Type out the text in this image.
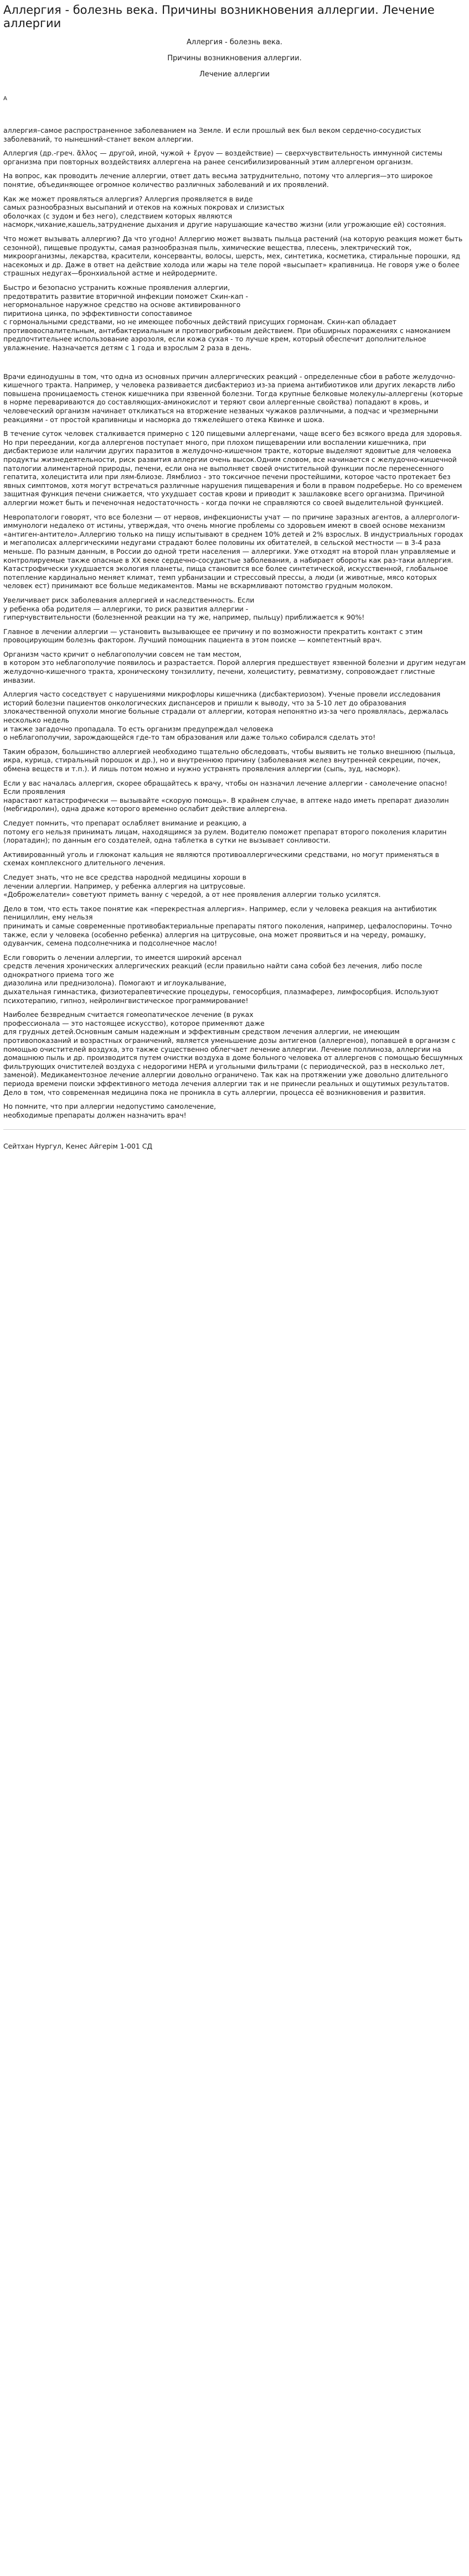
Аллергия - болезнь века. Причины возникновения аллергии. Лечение аллергии

Аллергия - болезнь века.

Причины возникновения аллергии.

Лечение аллергии

А

аллергия–самое распространенное заболеванием на Земле. И если прошлый век был веком сердечно-сосудистых заболеваний, то нынешний–станет веком аллергии.

Аллергия (др.-греч. ἄλλος — другой, иной, чужой + ἔργον — воздействие) — сверхчувствительность иммунной системы организма при повторных воздействиях аллергена на ранее сенсибилизированный этим аллергеном организм.

На вопрос, как проводить лечение аллергии, ответ дать весьма затруднительно, потому что аллергия—это широкое понятие, объединяющее огромное количество различных заболеваний и их проявлений.

Как же может проявляться аллергия? Аллергия проявляется в виде
самых разнообразных высыпаний и отеков на кожных покровах и слизистых
оболочках (с зудом и без него), следствием которых являются
насморк,чихание,кашель,затруднение дыхания и другие нарушающие качество жизни (или угрожающие ей) состояния.

Что может вызывать аллергию? Да что угодно! Аллергию может вызвать пыльца растений (на которую реакция может быть сезонной), пищевые продукты, самая разнообразная пыль, химические вещества, плесень, электрический ток, микроорганизмы, лекарства, красители, консерванты, волосы, шерсть, мех, синтетика, косметика, стиральные порошки, яд насекомых и др. Даже в ответ на действие холода или жары на теле порой «высыпает» крапивница. Не говоря уже о более страшных недугах—бронхиальной астме и нейродермите.

Быстро и безопасно устранить кожные проявления аллергии,
предотвратить развитие вторичной инфекции поможет Скин-кап -
негормональное наружное средство на основе активированного
пиритиона цинка, по эффективности сопоставимое
с гормональными средствами, но не имеющее побочных действий присущих гормонам. Скин-кап обладает противовоспалительным, антибактериальным и противогрибковым действием. При обширных поражениях с намоканием предпочтительнее использование аэрозоля, если кожа сухая - то лучше крем, который обеспечит дополнительное увлажнение. Назначается детям с 1 года и взрослым 2 раза в день.

Врачи единодушны в том, что одна из основных причин аллергических реакций - определенные сбои в работе желудочно-кишечного тракта. Например, у человека развивается дисбактериоз из-за приема антибиотиков или других лекарств либо повышена проницаемость стенок кишечника при язвенной болезни. Тогда крупные белковые молекулы-аллергены (которые в норме перевариваются до составляющих-аминокислот и теряют свои аллергенные свойства) попадают в кровь, и человеческий организм начинает откликаться на вторжение незваных чужаков различными, а подчас и чрезмерными реакциями - от простой крапивницы и насморка до тяжелейшего отека Квинке и шока.

В течение суток человек сталкивается примерно с 120 пищевыми аллергенами, чаще всего без всякого вреда для здоровья. Но при переедании, когда аллергенов поступает много, при плохом пищеварении или воспалении кишечника, при дисбактериозе или наличии других паразитов в желудочно-кишечном тракте, которые выделяют ядовитые для человека продукты жизнедеятельности, риск развития аллергии очень высок.Одним словом, все начинается с желудочно-кишечной патологии алиментарной природы, печени, если она не выполняет своей очистительной функции после перенесенного гепатита, холецистита или при лям-блиозе. Лямблиоз - это токсичное печени простейшими, которое часто протекает без явных симптомов, хотя могут встречаться различные нарушения пищеварения и боли в правом подреберье. Но со временем защитная функция печени снижается, что ухудшает состав крови и приводит к зашлаковке всего организма. Причиной аллергии может быть и печеночная недостаточность - когда почки не справляются со своей выделительной функцией.

Невропатологи говорят, что все болезни — от нервов, инфекционисты учат — по причине заразных агентов, а аллергологи-иммунологи недалеко от истины, утверждая, что очень многие проблемы со здоровьем имеют в своей основе механизм «антиген-антитело».Аллергию только на пищу испытывают в среднем 10% детей и 2% взрослых. В индустриальных городах и мегаполисах аллергическими недугами страдают более половины их обитателей, в сельской местности — в 3-4 раза меньше. По разным данным, в России до одной трети населения — аллергики. Уже отходят на второй план управляемые и контролируемые также опасные в ХХ веке сердечно-сосудистые заболевания, а набирает обороты как раз-таки аллергия. Катастрофически ухудшается экология планеты, пища становится все более синтетической, искусственной, глобальное потепление кардинально меняет климат, темп урбанизации и стрессовый прессы, а люди (и животные, мясо которых человек ест) принимают все больше медикаментов. Мамы не вскармливают потомство грудным молоком.

Увеличивает риск заболевания аллергией и наследственность. Если
у ребенка оба родителя — аллергики, то риск развития аллергии -
гиперчувствительности (болезненной реакции на ту же, например, пыльцу) приближается к 90%!

Главное в лечении аллергии — установить вызывающее ее причину и по возможности прекратить контакт с этим провоцирующим болезнь фактором. Лучший помощник пациента в этом поиске — компетентный врач.

Организм часто кричит о неблагополучии совсем не там местом,
в котором это неблагополучие появилось и разрастается. Порой аллергия предшествует язвенной болезни и другим недугам желудочно-кишечного тракта, хроническому тонзиллиту, печени, холециститу, ревматизму, сопровождает глистные инвазии.

Аллергия часто соседствует с нарушениями микрофлоры кишечника (дисбактериозом). Ученые провели исследования историй болезни пациентов онкологических диспансеров и пришли к выводу, что за 5-10 лет до образования злокачественной опухоли многие больные страдали от аллергии, которая непонятно из-за чего проявлялась, держалась несколько недель
и также загадочно пропадала. То есть организм предупреждал человека
о неблагополучии, зарождающейся где-то там образования или даже только собирался сделать это!

Таким образом, большинство аллергией необходимо тщательно обследовать, чтобы выявить не только внешнюю (пыльца, икра, курица, стиральный порошок и др.), но и внутреннюю причину (заболевания желез внутренней секреции, почек, обмена веществ и т.п.). И лишь потом можно и нужно устранять проявления аллергии (сыпь, зуд, насморк).

Если у вас началась аллергия, скорее обращайтесь к врачу, чтобы он назначил лечение аллергии - самолечение опасно! Если проявления
нарастают катастрофически — вызывайте «скорую помощь». В крайнем случае, в аптеке надо иметь препарат диазолин (мебгидролин), одна драже которого временно ослабит действие аллергена.

Следует помнить, что препарат ослабляет внимание и реакцию, а
потому его нельзя принимать лицам, находящимся за рулем. Водителю поможет препарат второго поколения кларитин (лоратадин); по данным его создателей, одна таблетка в сутки не вызывает сонливости.

Активированный уголь и глюконат кальция не являются противоаллергическими средствами, но могут применяться в схемах комплексного длительного лечения.

Следует знать, что не все средства народной медицины хороши в
лечении аллергии. Например, у ребенка аллергия на цитрусовые.
«Доброжелатели» советуют приметь ванну с чередой, а от нее проявления аллергии только усилятся.

Дело в том, что есть такое понятие как «перекрестная аллергия». Например, если у человека реакция на антибиотик пенициллин, ему нельзя
принимать и самые современные противобактериальные препараты пятого поколения, например, цефалоспорины. Точно также, если у человека (особенно ребенка) аллергия на цитрусовые, она может проявиться и на череду, ромашку, одуванчик, семена подсолнечника и подсолнечное масло!

Если говорить о лечении аллергии, то имеется широкий арсенал
средств лечения хронических аллергических реакций (если правильно найти сама собой без лечения, либо после однократного приема того же
диазолина или преднизолона). Помогают и иглоукалывание,
дыхательная гимнастика, физиотерапевтические процедуры, гемосорбция, плазмаферез, лимфосорбция. Используют психотерапию, гипноз, нейролингвистическое программирование!

Наиболее безвредным считается гомеопатическое лечение (в руках
профессионала — это настоящее искусство), которое применяют даже
для грудных детей.Основным самым надежным и эффективным средством лечения аллергии, не имеющим противопоказаний и возрастных ограничений, является уменьшение дозы антигенов (аллергенов), попавшей в организм с помощью очистителей воздуха, это также существенно облегчает лечение аллергии. Лечение поллиноза, аллергии на домашнюю пыль и др. производится путем очистки воздуха в доме больного человека от аллергенов с помощью бесшумных фильтрующих очистителей воздуха с недорогими HEPA и угольными фильтрами (с периодической, раз в несколько лет, заменой). Медикаментозное лечение аллергии довольно ограничено. Так как на протяжении уже довольно длительного периода времени поиски эффективного метода лечения аллергии так и не принесли реальных и ощутимых результатов. Дело в том, что современная медицина пока не проникла в суть аллергии, процесса её возникновения и развития.

Но помните, что при аллергии недопустимо самолечение,
необходимые препараты должен назначить врач!

Сейтхан Нургул, Кенес Айгерім 1-001 СД
